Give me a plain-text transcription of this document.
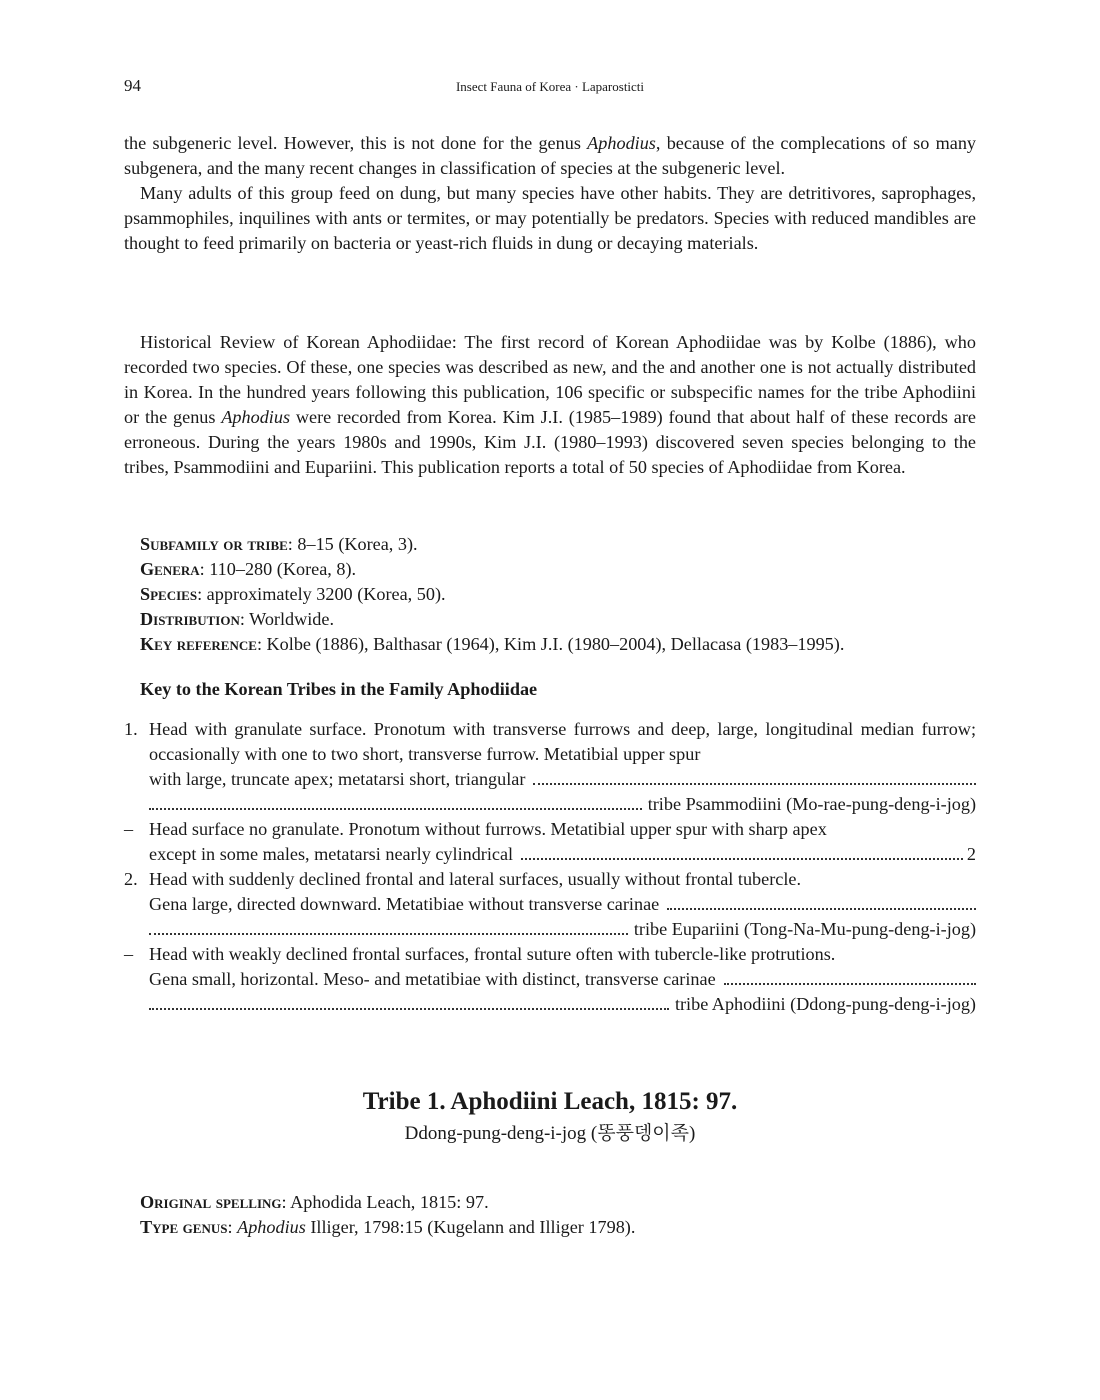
94	Insect Fauna of Korea · Laparosticti

the subgeneric level. However, this is not done for the genus Aphodius, because of the complecations of so many subgenera, and the many recent changes in classification of species at the subgeneric level.

Many adults of this group feed on dung, but many species have other habits. They are detritivores, saprophages, psammophiles, inquilines with ants or termites, or may potentially be predators. Species with reduced mandibles are thought to feed primarily on bacteria or yeast-rich fluids in dung or decaying materials.

Historical Review of Korean Aphodiidae: The first record of Korean Aphodiidae was by Kolbe (1886), who recorded two species. Of these, one species was described as new, and the and another one is not actually distributed in Korea. In the hundred years following this publication, 106 specific or subspecific names for the tribe Aphodiini or the genus Aphodius were recorded from Korea. Kim J.I. (1985–1989) found that about half of these records are erroneous. During the years 1980s and 1990s, Kim J.I. (1980–1993) discovered seven species belonging to the tribes, Psammodiini and Eupariini. This publication reports a total of 50 species of Aphodiidae from Korea.

Subfamily or tribe: 8–15 (Korea, 3).
Genera: 110–280 (Korea, 8).
Species: approximately 3200 (Korea, 50).
Distribution: Worldwide.
Key reference: Kolbe (1886), Balthasar (1964), Kim J.I. (1980–2004), Dellacasa (1983–1995).
Key to the Korean Tribes in the Family Aphodiidae
1. Head with granulate surface. Pronotum with transverse furrows and deep, large, longitudinal median furrow; occasionally with one to two short, transverse furrow. Metatibial upper spur
with large, truncate apex; metatarsi short, triangular
tribe Psammodiini (Mo-rae-pung-deng-i-jog)
– Head surface no granulate. Pronotum without furrows. Metatibial upper spur with sharp apex
except in some males, metatarsi nearly cylindrical	2
2. Head with suddenly declined frontal and lateral surfaces, usually without frontal tubercle.
Gena large, directed downward. Metatibiae without transverse carinae
tribe Eupariini (Tong-Na-Mu-pung-deng-i-jog)
– Head with weakly declined frontal surfaces, frontal suture often with tubercle-like protrutions.
Gena small, horizontal. Meso- and metatibiae with distinct, transverse carinae
tribe Aphodiini (Ddong-pung-deng-i-jog)
Tribe 1. Aphodiini Leach, 1815: 97.
Ddong-pung-deng-i-jog (똥풍뎅이족)
Original spelling: Aphodida Leach, 1815: 97.
Type genus: Aphodius Illiger, 1798:15 (Kugelann and Illiger 1798).
